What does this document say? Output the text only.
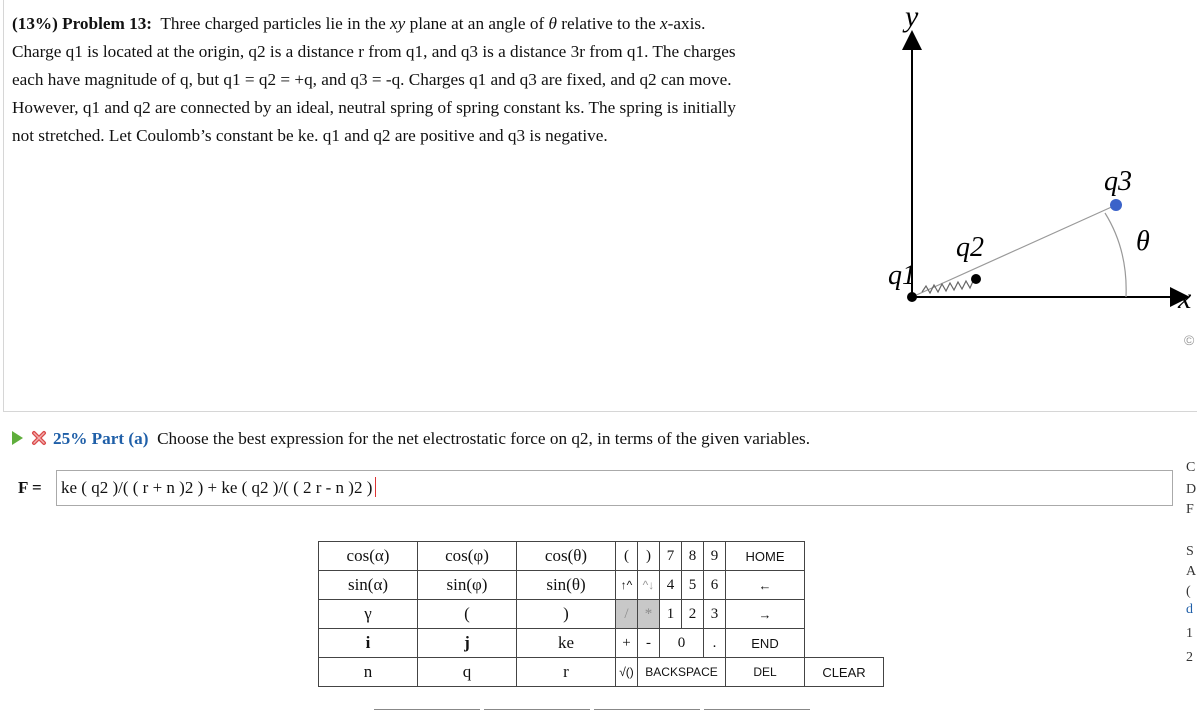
(13%) Problem 13: Three charged particles lie in the xy plane at an angle of θ relative to the x-axis.
Charge q1 is located at the origin, q2 is a distance r from q1, and q3 is a distance 3r from q1. The charges
each have magnitude of q, but q1 = q2 = +q, and q3 = -q. Charges q1 and q3 are fixed, and q2 can move.
However, q1 and q2 are connected by an ideal, neutral spring of spring constant ks. The spring is initially
not stretched. Let Coulomb’s constant be ke. q1 and q2 are positive and q3 is negative.
y
x
q1
q2
q3
θ
©
25% Part (a) Choose the best expression for the net electrostatic force on q2, in terms of the given variables.
F = ke ( q2 )/( ( r + n )2 ) + ke ( q2 )/( ( 2 r - n )2 )
cos(α)	cos(φ)	cos(θ)	(	)	7	8	9	HOME	
sin(α)	sin(φ)	sin(θ)	↑^	^↓	4	5	6	←	
γ	(	)	/	*	1	2	3	→	
i	j	ke	+	-	0		.	END	
n	q	r	√()	BACKSPACE				DEL	CLEAR
C
D
F
S
A
(
d
1
2
